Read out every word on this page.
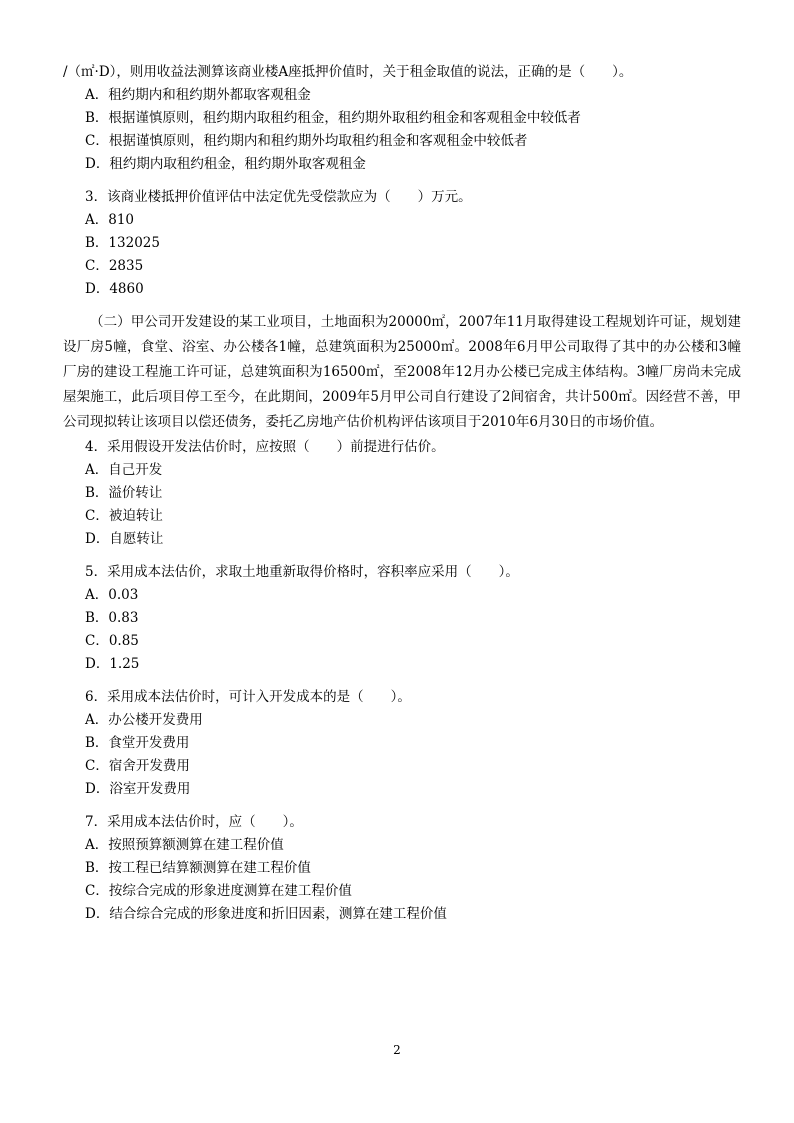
/（㎡·D），则用收益法测算该商业楼A座抵押价值时，关于租金取值的说法，正确的是（　　）。
A．租约期内和租约期外都取客观租金
B．根据谨慎原则，租约期内取租约租金，租约期外取租约租金和客观租金中较低者
C．根据谨慎原则，租约期内和租约期外均取租约租金和客观租金中较低者
D．租约期内取租约租金，租约期外取客观租金
3．该商业楼抵押价值评估中法定优先受偿款应为（　　）万元。
A．810
B．132025
C．2835
D．4860
（二）甲公司开发建设的某工业项目，土地面积为20000㎡，2007年11月取得建设工程规划许可证，规划建设厂房5幢，食堂、浴室、办公楼各1幢，总建筑面积为25000㎡。2008年6月甲公司取得了其中的办公楼和3幢厂房的建设工程施工许可证，总建筑面积为16500㎡，至2008年12月办公楼已完成主体结构。3幢厂房尚未完成屋架施工，此后项目停工至今，在此期间，2009年5月甲公司自行建设了2间宿舍，共计500㎡。因经营不善，甲公司现拟转让该项目以偿还债务，委托乙房地产估价机构评估该项目于2010年6月30日的市场价值。
4．采用假设开发法估价时，应按照（　　）前提进行估价。
A．自己开发
B．溢价转让
C．被迫转让
D．自愿转让
5．采用成本法估价，求取土地重新取得价格时，容积率应采用（　　）。
A．0.03
B．0.83
C．0.85
D．1.25
6．采用成本法估价时，可计入开发成本的是（　　）。
A．办公楼开发费用
B．食堂开发费用
C．宿舍开发费用
D．浴室开发费用
7．采用成本法估价时，应（　　）。
A．按照预算额测算在建工程价值
B．按工程已结算额测算在建工程价值
C．按综合完成的形象进度测算在建工程价值
D．结合综合完成的形象进度和折旧因素，测算在建工程价值
2
